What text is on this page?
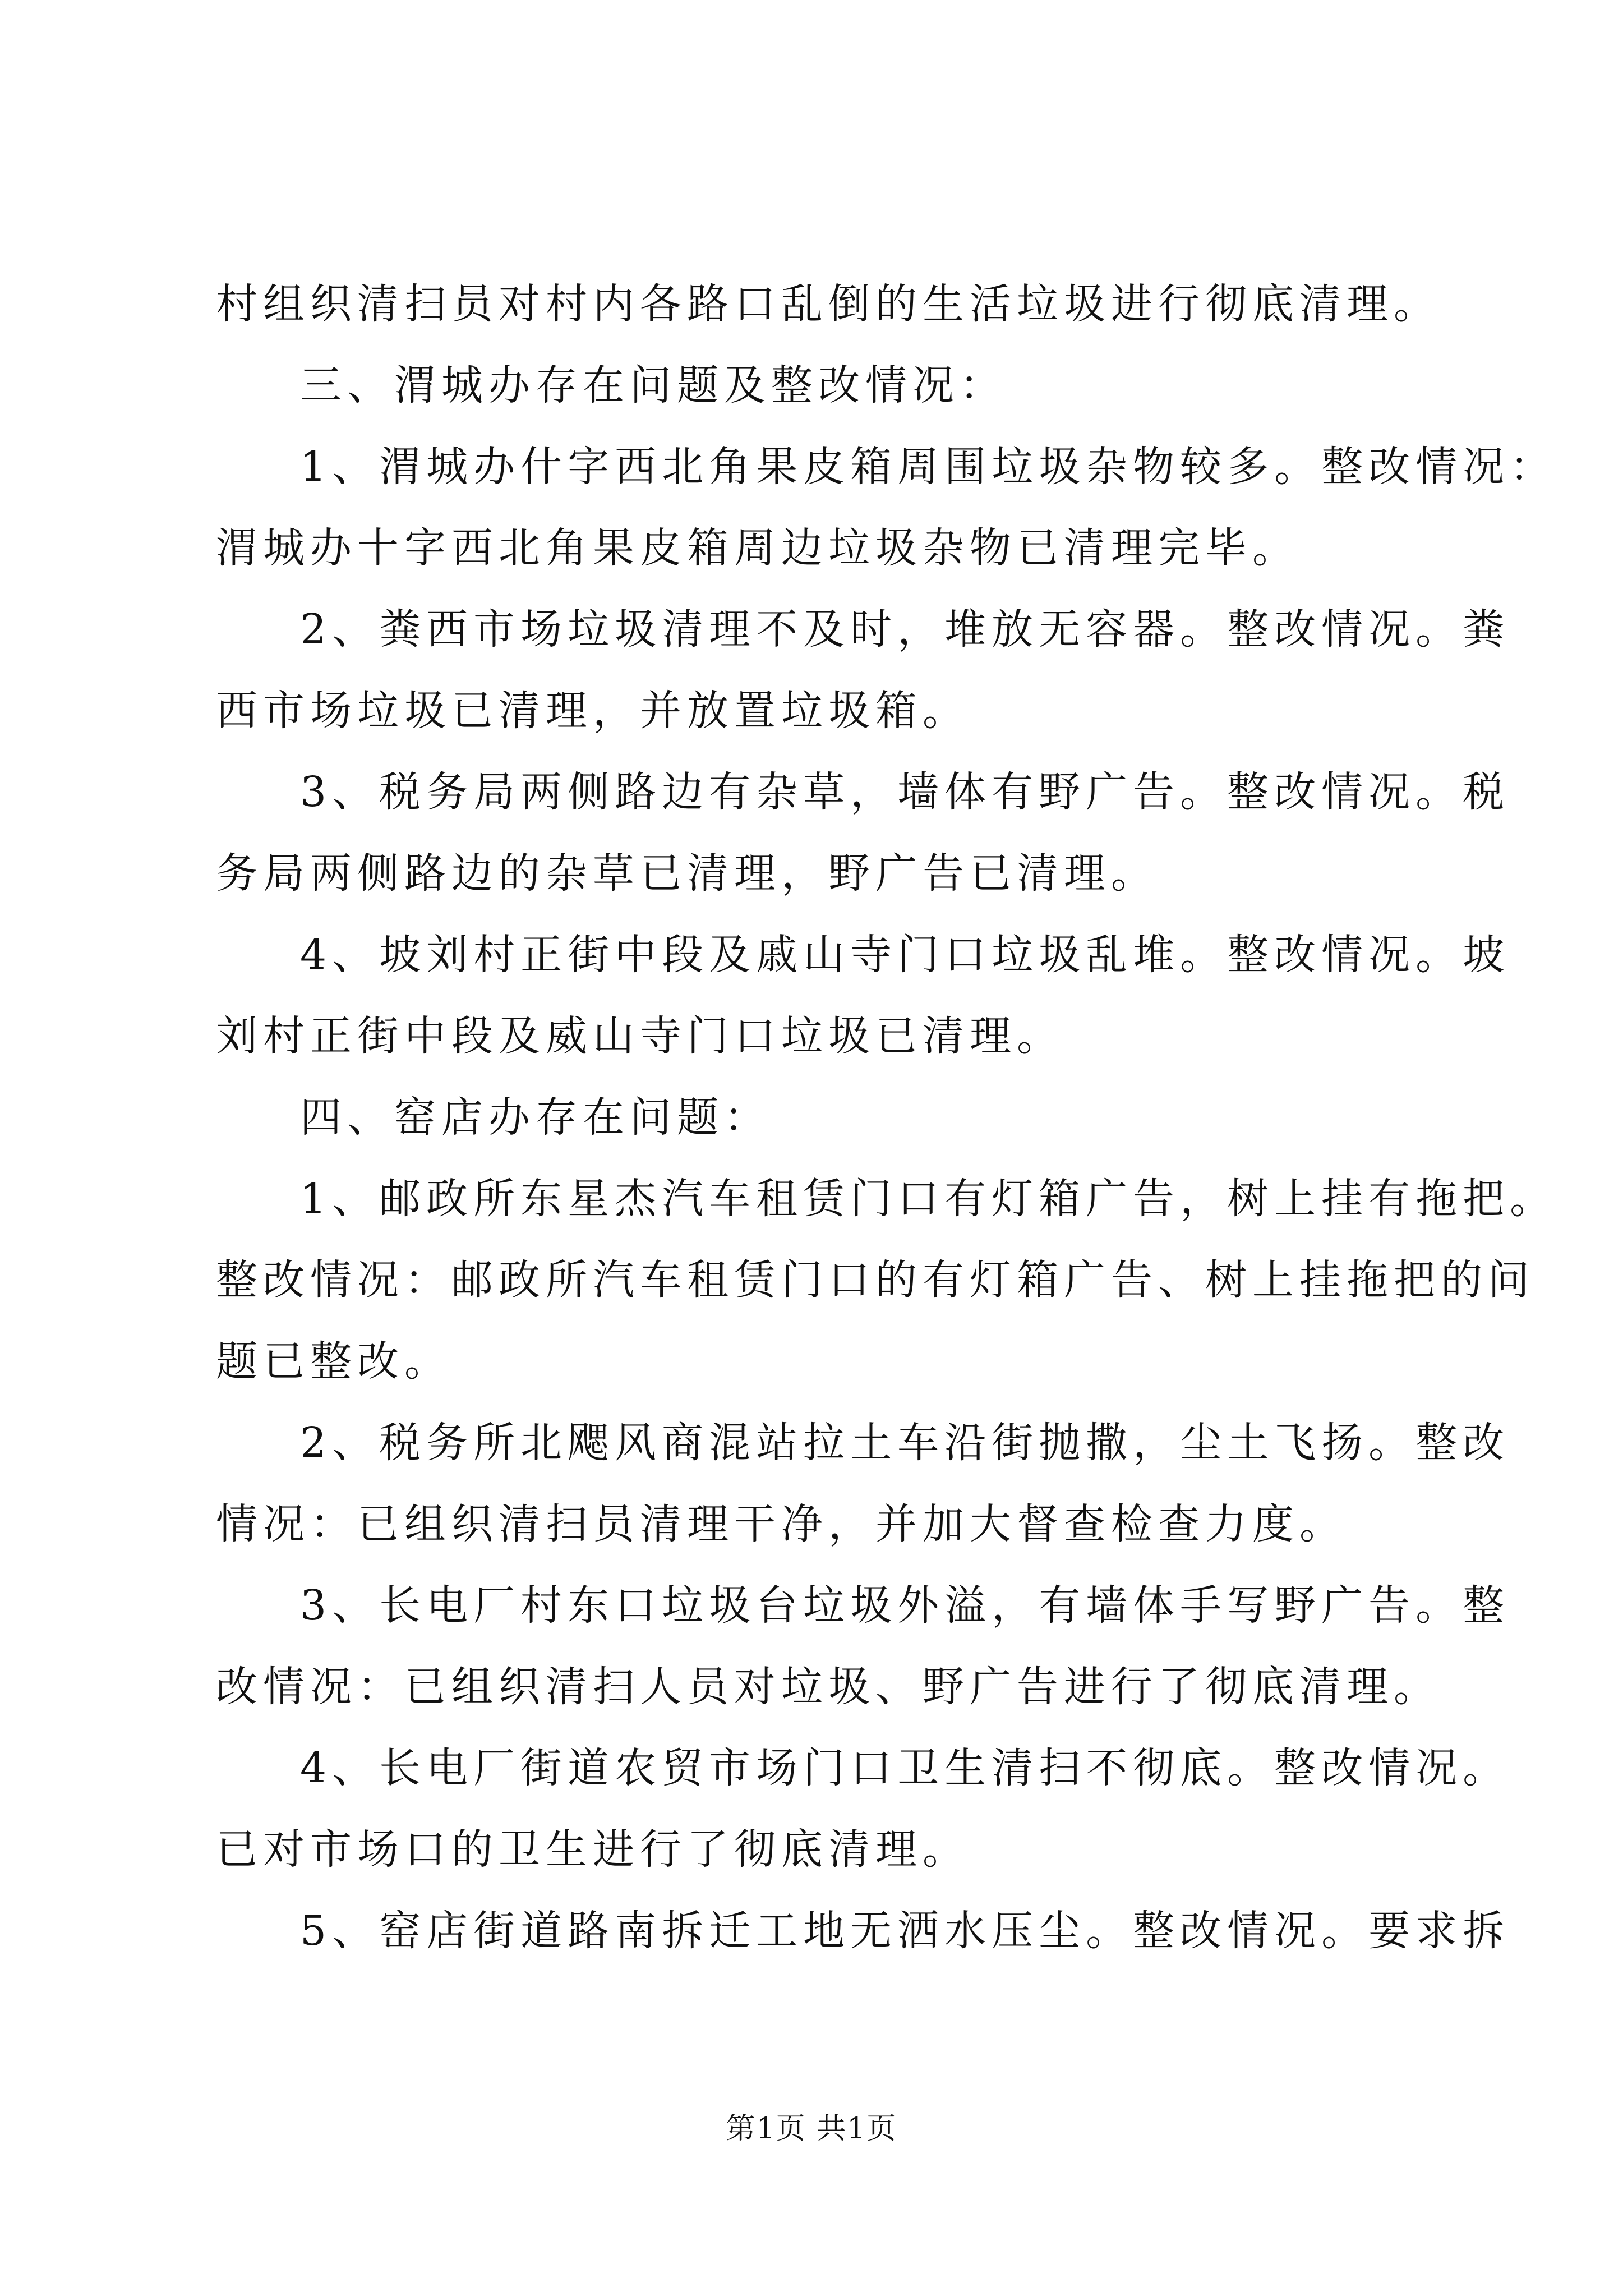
村组织清扫员对村内各路口乱倒的生活垃圾进行彻底清理。
三、渭城办存在问题及整改情况：
1、渭城办什字西北角果皮箱周围垃圾杂物较多。整改情况：
渭城办十字西北角果皮箱周边垃圾杂物已清理完毕。
2、粪西市场垃圾清理不及时，堆放无容器。整改情况。粪
西市场垃圾已清理，并放置垃圾箱。
3、税务局两侧路边有杂草，墙体有野广告。整改情况。税
务局两侧路边的杂草已清理，野广告已清理。
4、坡刘村正街中段及戚山寺门口垃圾乱堆。整改情况。坡
刘村正街中段及威山寺门口垃圾已清理。
四、窑店办存在问题：
1、邮政所东星杰汽车租赁门口有灯箱广告，树上挂有拖把。
整改情况：邮政所汽车租赁门口的有灯箱广告、树上挂拖把的问
题已整改。
2、税务所北飔风商混站拉土车沿街抛撒，尘土飞扬。整改
情况：已组织清扫员清理干净，并加大督查检查力度。
3、长电厂村东口垃圾台垃圾外溢，有墙体手写野广告。整
改情况：已组织清扫人员对垃圾、野广告进行了彻底清理。
4、长电厂街道农贸市场门口卫生清扫不彻底。整改情况。
已对市场口的卫生进行了彻底清理。
5、窑店街道路南拆迁工地无洒水压尘。整改情况。要求拆
第1页 共1页
